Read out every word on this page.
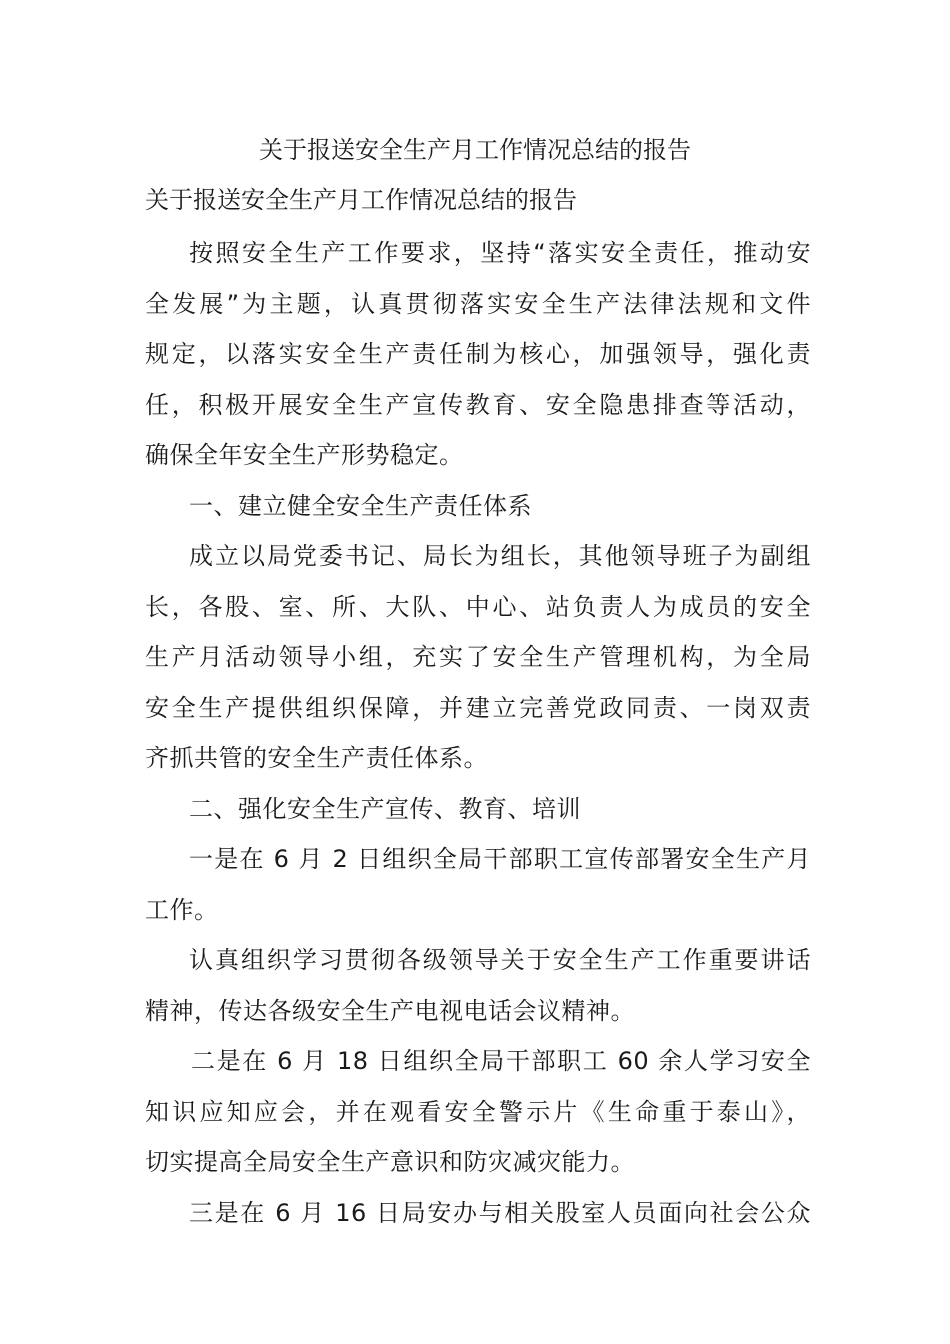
关于报送安全生产月工作情况总结的报告
关于报送安全生产月工作情况总结的报告
按照安全生产工作要求，坚持“落实安全责任，推动安
全发展”为主题，认真贯彻落实安全生产法律法规和文件
规定，以落实安全生产责任制为核心，加强领导，强化责
任，积极开展安全生产宣传教育、安全隐患排查等活动，
确保全年安全生产形势稳定。
一、建立健全安全生产责任体系
成立以局党委书记、局长为组长，其他领导班子为副组
长，各股、室、所、大队、中心、站负责人为成员的安全
生产月活动领导小组，充实了安全生产管理机构，为全局
安全生产提供组织保障，并建立完善党政同责、一岗双责
齐抓共管的安全生产责任体系。
二、强化安全生产宣传、教育、培训
一是在 6 月 2 日组织全局干部职工宣传部署安全生产月
工作。
认真组织学习贯彻各级领导关于安全生产工作重要讲话
精神，传达各级安全生产电视电话会议精神。
二是在 6 月 18 日组织全局干部职工 60 余人学习安全
知识应知应会，并在观看安全警示片《生命重于泰山》，
切实提高全局安全生产意识和防灾减灾能力。
三是在 6 月 16 日局安办与相关股室人员面向社会公众
